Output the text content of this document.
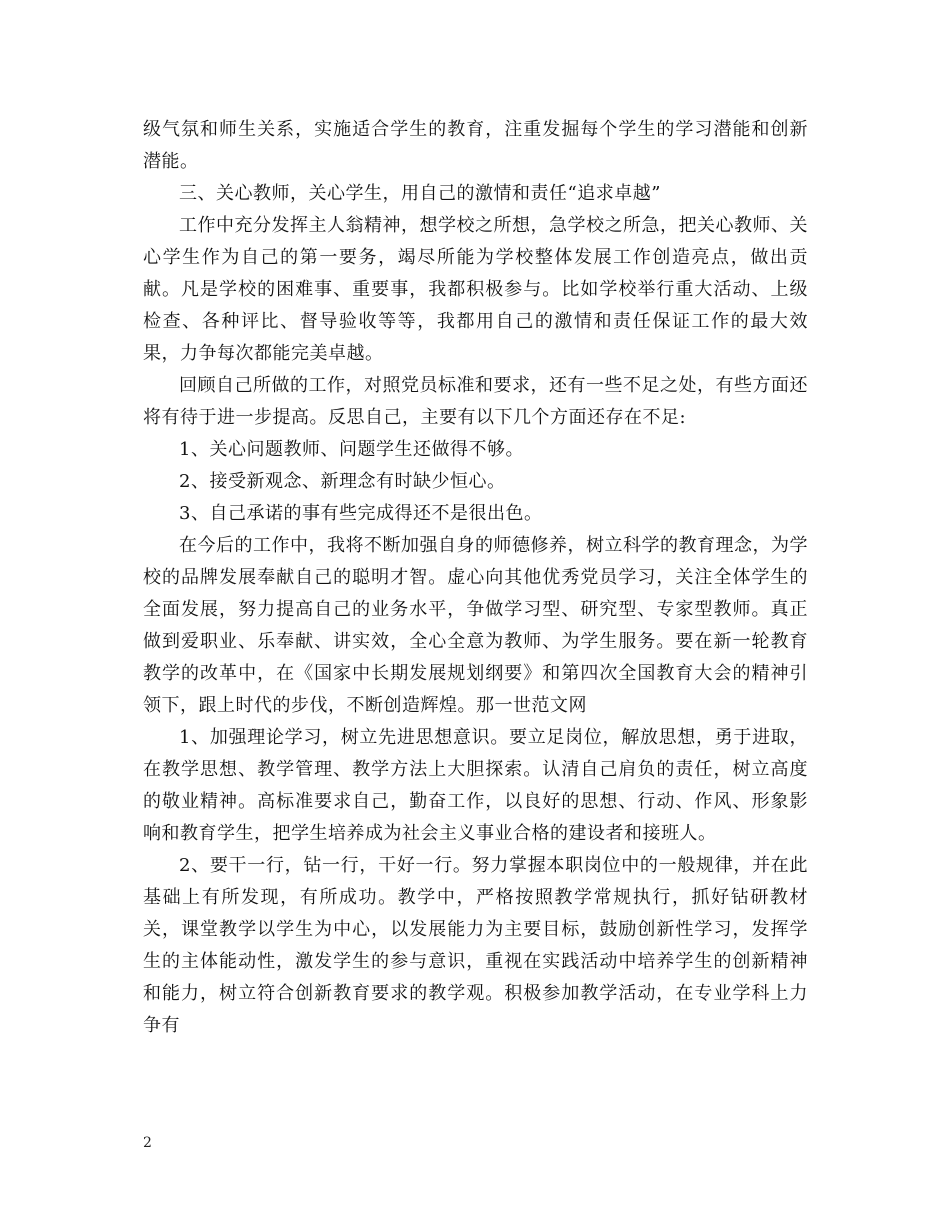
级气氛和师生关系，实施适合学生的教育，注重发掘每个学生的学习潜能和创新潜能。

三、关心教师，关心学生，用自己的激情和责任“追求卓越”

工作中充分发挥主人翁精神，想学校之所想，急学校之所急，把关心教师、关心学生作为自己的第一要务，竭尽所能为学校整体发展工作创造亮点，做出贡献。凡是学校的困难事、重要事，我都积极参与。比如学校举行重大活动、上级检查、各种评比、督导验收等等，我都用自己的激情和责任保证工作的最大效果，力争每次都能完美卓越。

回顾自己所做的工作，对照党员标准和要求，还有一些不足之处，有些方面还将有待于进一步提高。反思自己，主要有以下几个方面还存在不足:

1、关心问题教师、问题学生还做得不够。

2、接受新观念、新理念有时缺少恒心。

3、自己承诺的事有些完成得还不是很出色。

在今后的工作中，我将不断加强自身的师德修养，树立科学的教育理念，为学校的品牌发展奉献自己的聪明才智。虚心向其他优秀党员学习，关注全体学生的全面发展，努力提高自己的业务水平，争做学习型、研究型、专家型教师。真正做到爱职业、乐奉献、讲实效，全心全意为教师、为学生服务。要在新一轮教育教学的改革中，在《国家中长期发展规划纲要》和第四次全国教育大会的精神引领下，跟上时代的步伐，不断创造辉煌。那一世范文网

1、加强理论学习，树立先进思想意识。要立足岗位，解放思想，勇于进取，在教学思想、教学管理、教学方法上大胆探索。认清自己肩负的责任，树立高度的敬业精神。高标准要求自己，勤奋工作，以良好的思想、行动、作风、形象影响和教育学生，把学生培养成为社会主义事业合格的建设者和接班人。

2、要干一行，钻一行，干好一行。努力掌握本职岗位中的一般规律，并在此基础上有所发现，有所成功。教学中，严格按照教学常规执行，抓好钻研教材关，课堂教学以学生为中心，以发展能力为主要目标，鼓励创新性学习，发挥学生的主体能动性，激发学生的参与意识，重视在实践活动中培养学生的创新精神和能力，树立符合创新教育要求的教学观。积极参加教学活动，在专业学科上力争有

2
